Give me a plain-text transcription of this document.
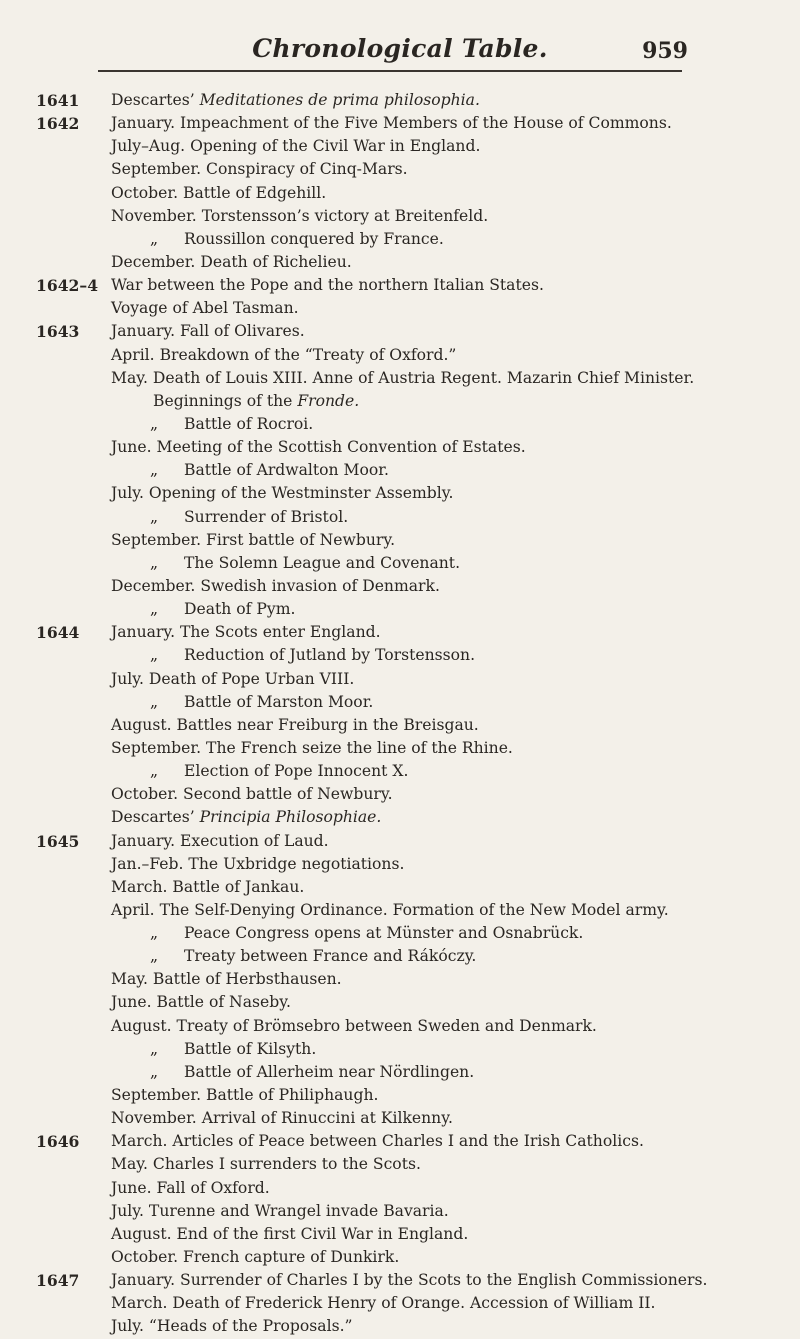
Chronological Table.	959
1641 Descartes’ Meditationes de prima philosophia.
1642 January. Impeachment of the Five Members of the House of Commons.
July–Aug. Opening of the Civil War in England.
September. Conspiracy of Cinq-Mars.
October. Battle of Edgehill.
November. Torstensson’s victory at Breitenfeld.
„ Roussillon conquered by France.
December. Death of Richelieu.
1642–4 War between the Pope and the northern Italian States.
Voyage of Abel Tasman.
1643 January. Fall of Olivares.
April. Breakdown of the “Treaty of Oxford.”
May. Death of Louis XIII. Anne of Austria Regent. Mazarin Chief Minister.
Beginnings of the Fronde.
„ Battle of Rocroi.
June. Meeting of the Scottish Convention of Estates.
„ Battle of Ardwalton Moor.
July. Opening of the Westminster Assembly.
„ Surrender of Bristol.
September. First battle of Newbury.
„ The Solemn League and Covenant.
December. Swedish invasion of Denmark.
„ Death of Pym.
1644 January. The Scots enter England.
„ Reduction of Jutland by Torstensson.
July. Death of Pope Urban VIII.
„ Battle of Marston Moor.
August. Battles near Freiburg in the Breisgau.
September. The French seize the line of the Rhine.
„ Election of Pope Innocent X.
October. Second battle of Newbury.
Descartes’ Principia Philosophiae.
1645 January. Execution of Laud.
Jan.–Feb. The Uxbridge negotiations.
March. Battle of Jankau.
April. The Self-Denying Ordinance. Formation of the New Model army.
„ Peace Congress opens at Münster and Osnabrück.
„ Treaty between France and Rákóczy.
May. Battle of Herbsthausen.
June. Battle of Naseby.
August. Treaty of Brömsebro between Sweden and Denmark.
„ Battle of Kilsyth.
„ Battle of Allerheim near Nördlingen.
September. Battle of Philiphaugh.
November. Arrival of Rinuccini at Kilkenny.
1646 March. Articles of Peace between Charles I and the Irish Catholics.
May. Charles I surrenders to the Scots.
June. Fall of Oxford.
July. Turenne and Wrangel invade Bavaria.
August. End of the first Civil War in England.
October. French capture of Dunkirk.
1647 January. Surrender of Charles I by the Scots to the English Commissioners.
March. Death of Frederick Henry of Orange. Accession of William II.
July. “Heads of the Proposals.”
